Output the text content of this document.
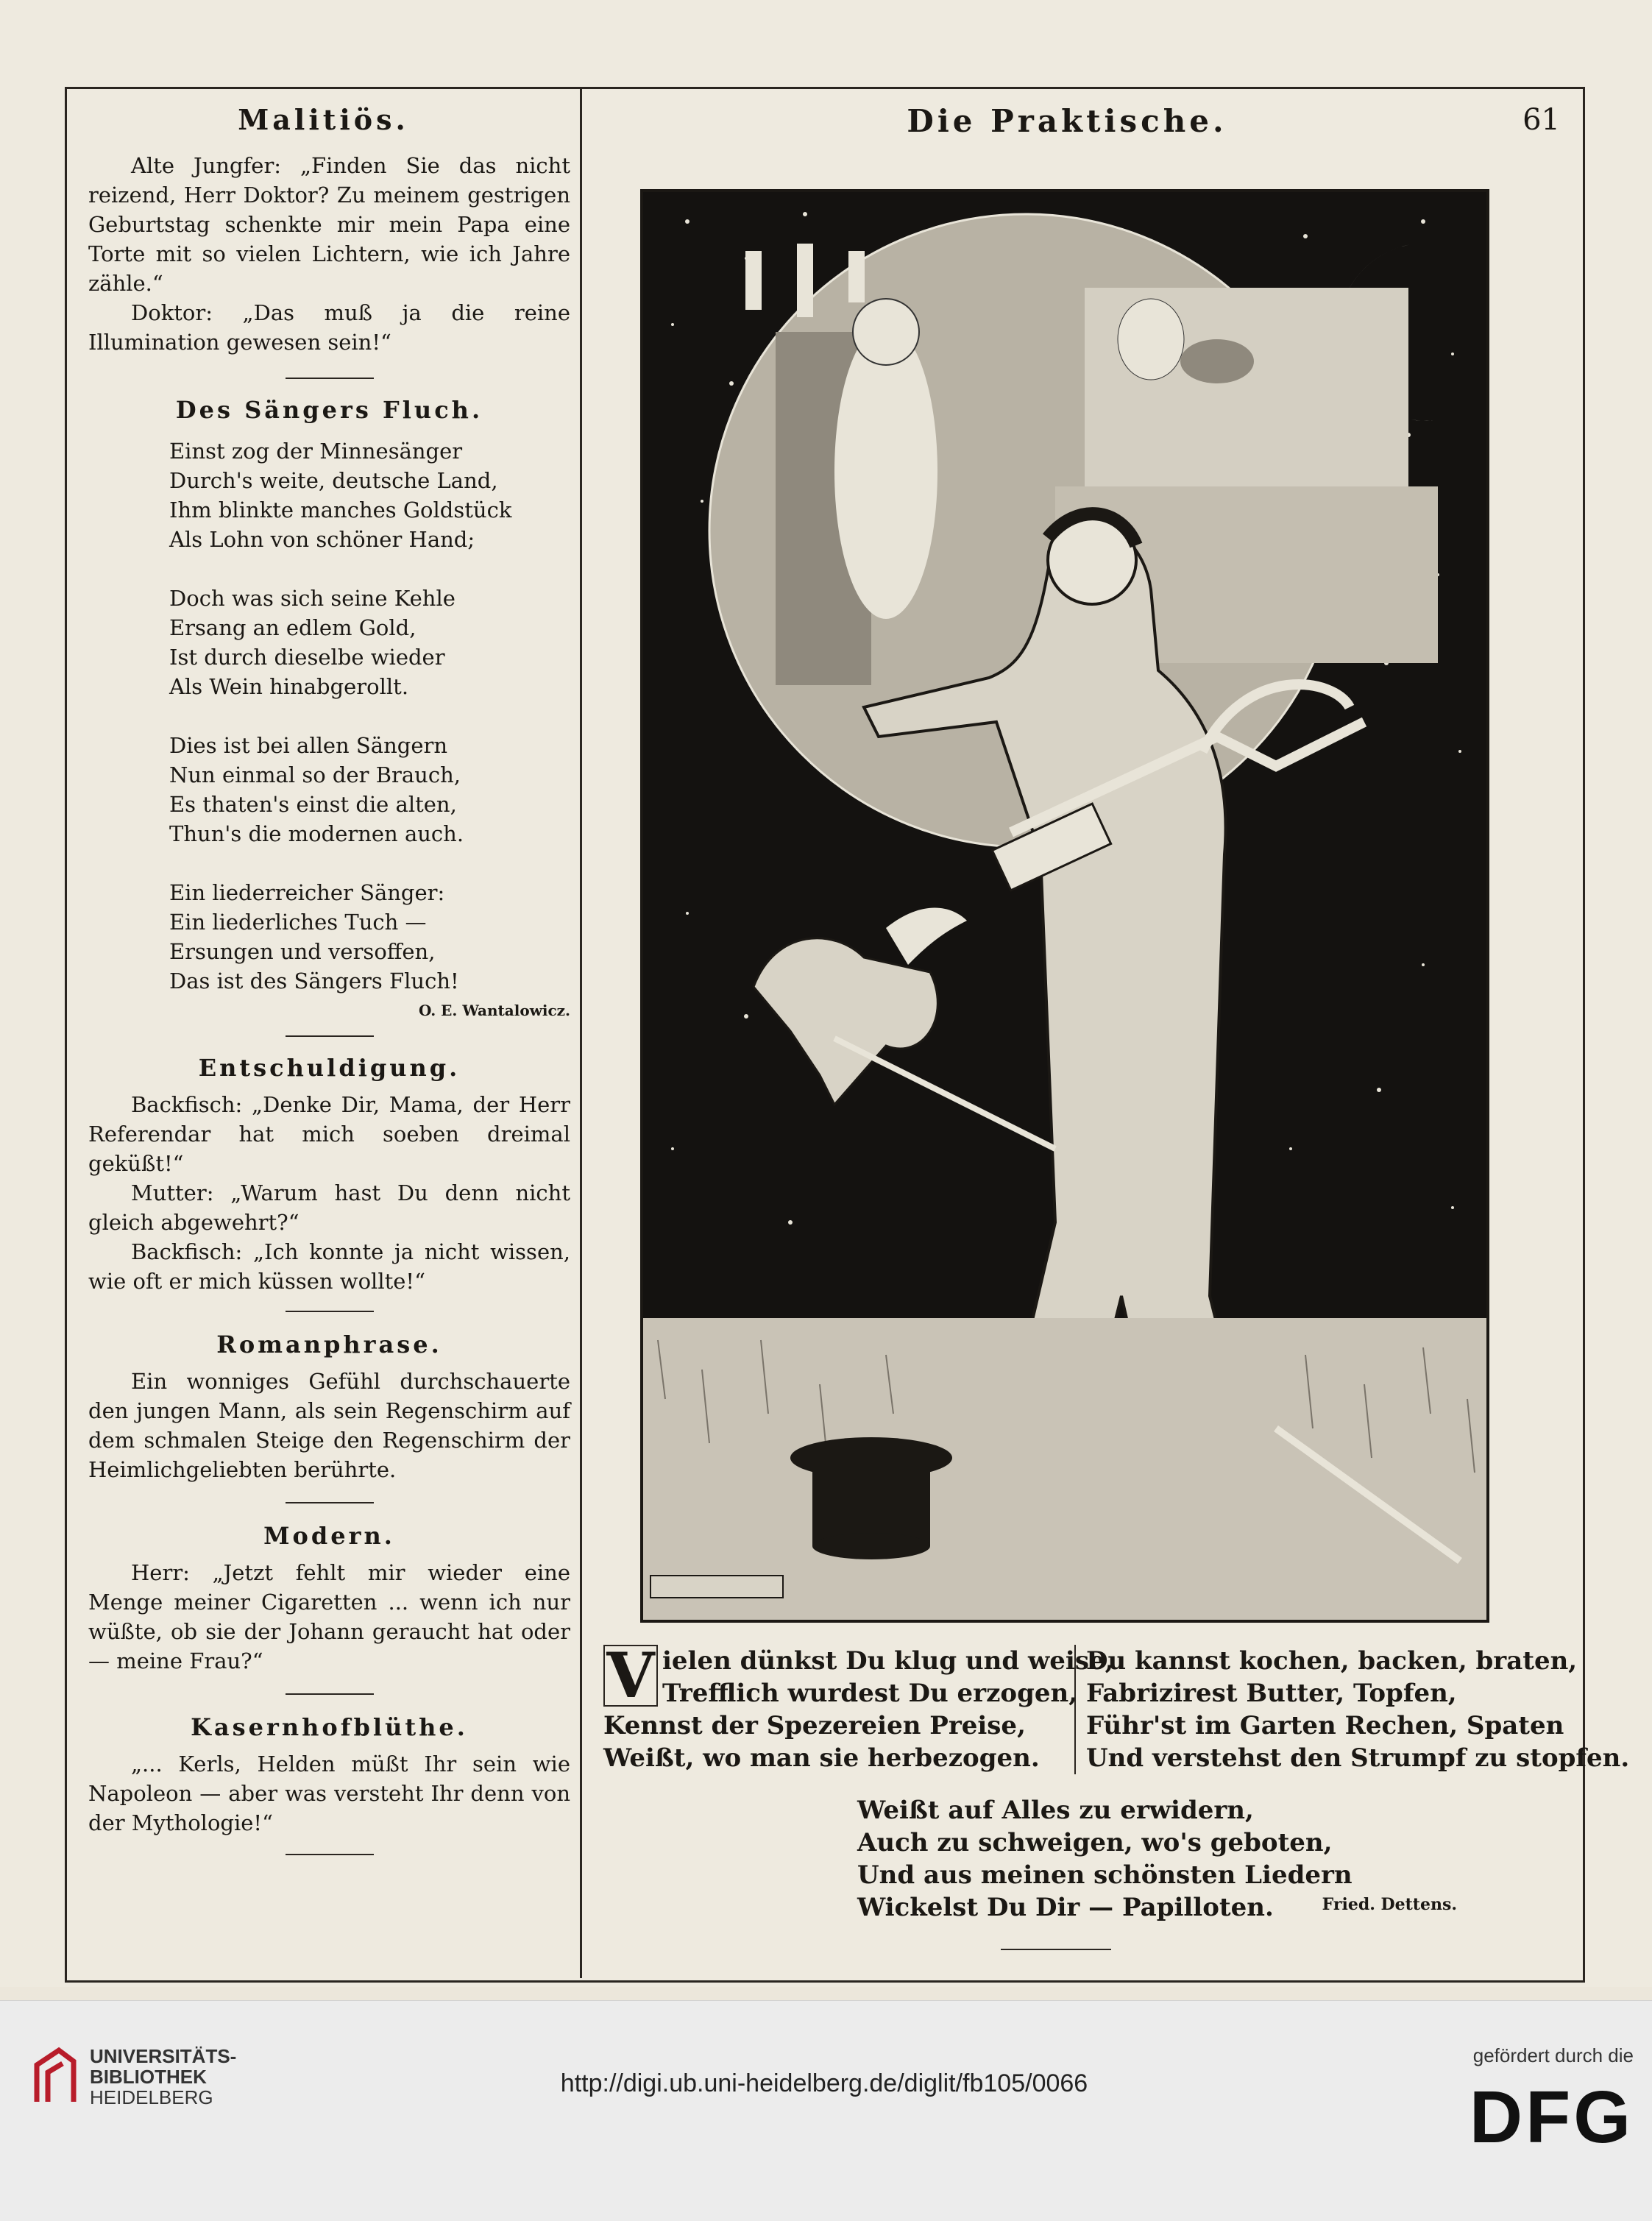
Malitiös.	Die Praktische.	61

Alte Jungfer: „Finden Sie das nicht reizend, Herr Doktor? Zu meinem gestrigen Geburtstag schenkte mir mein Papa eine Torte mit so vielen Lichtern, wie ich Jahre zähle.“

Doktor: „Das muß ja die reine Illumination gewesen sein!“

Des Sängers Fluch.

Einst zog der Minnesänger
Durch's weite, deutsche Land,
Ihm blinkte manches Goldstück
Als Lohn von schöner Hand;
Doch was sich seine Kehle
Ersang an edlem Gold,
Ist durch dieselbe wieder
Als Wein hinabgerollt.
Dies ist bei allen Sängern
Nun einmal so der Brauch,
Es thaten's einst die alten,
Thun's die modernen auch.
Ein liederreicher Sänger:
Ein liederliches Tuch —
Ersungen und versoffen,
Das ist des Sängers Fluch!
O. E. Wantalowicz.

Entschuldigung.

Backfisch: „Denke Dir, Mama, der Herr Referendar hat mich soeben dreimal geküßt!“

Mutter: „Warum hast Du denn nicht gleich abgewehrt?“

Backfisch: „Ich konnte ja nicht wissen, wie oft er mich küssen wollte!“

Romanphrase.

Ein wonniges Gefühl durchschauerte den jungen Mann, als sein Regenschirm auf dem schmalen Steige den Regenschirm der Heimlichgeliebten berührte.

Modern.

Herr: „Jetzt fehlt mir wieder eine Menge meiner Cigaretten ... wenn ich nur wüßte, ob sie der Johann geraucht hat oder — meine Frau?“

Kasernhofblüthe.

„... Kerls, Helden müßt Ihr sein wie Napoleon — aber was versteht Ihr denn von der Mythologie!“

V ielen dünkst Du klug und weise,
Trefflich wurdest Du erzogen,
Kennst der Spezereien Preise,
Weißt, wo man sie herbezogen.
Du kannst kochen, backen, braten,
Fabrizirest Butter, Topfen,
Führ'st im Garten Rechen, Spaten
Und verstehst den Strumpf zu stopfen.
Weißt auf Alles zu erwidern,
Auch zu schweigen, wo's geboten,
Und aus meinen schönsten Liedern
Wickelst Du Dir — Papilloten.	Fried. Dettens.
UNIVERSITÄTS-
BIBLIOTHEK
HEIDELBERG	http://digi.ub.uni-heidelberg.de/diglit/fb105/0066
gefördert durch die
DFG
